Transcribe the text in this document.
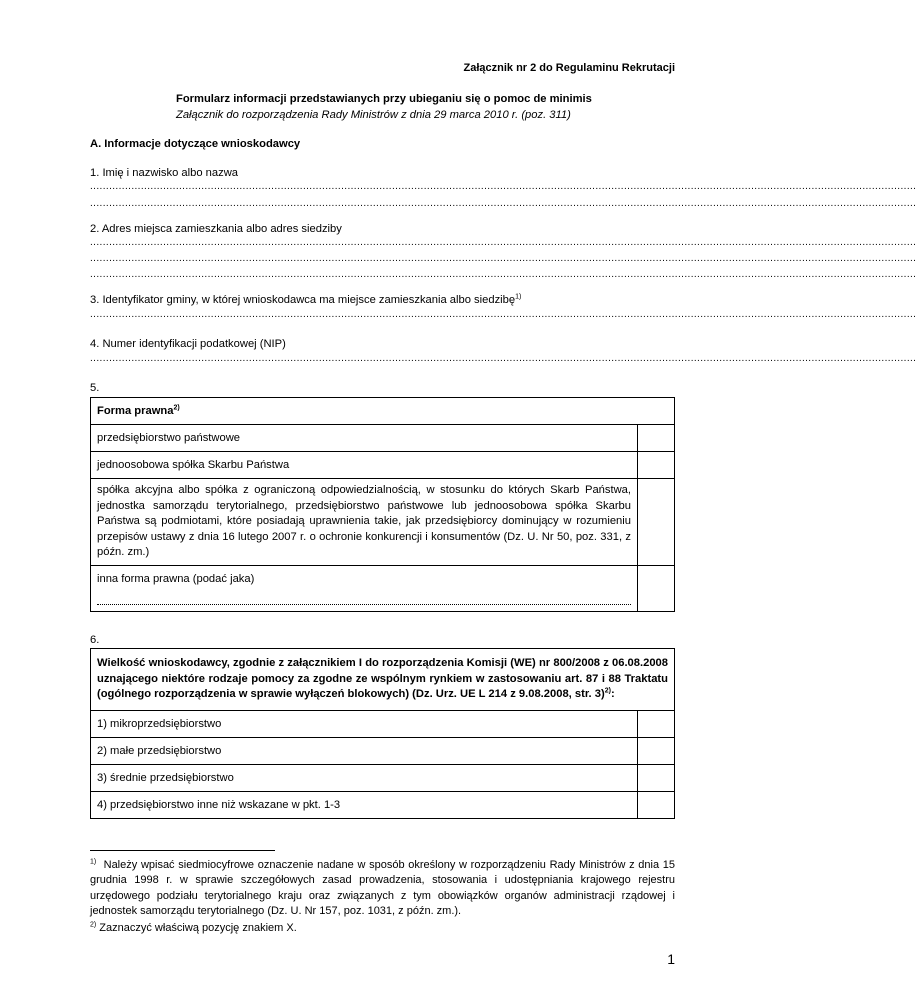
Załącznik nr 2 do Regulaminu Rekrutacji
Formularz informacji przedstawianych przy ubieganiu się o pomoc de minimis
Załącznik do rozporządzenia Rady Ministrów z dnia 29 marca 2010 r. (poz. 311)
A. Informacje dotyczące wnioskodawcy
1. Imię i nazwisko albo nazwa
....................................................................................................................................................................................................................................................................
....................................................................................................................................................................................................................................................................
2. Adres miejsca zamieszkania albo adres siedziby
....................................................................................................................................................................................................................................................................
....................................................................................................................................................................................................................................................................
....................................................................................................................................................................................................................................................................
3. Identyfikator gminy, w której wnioskodawca ma miejsce zamieszkania albo siedzibę$^{1)}$
....................................................................................................................................................................................................................................................................
4. Numer identyfikacji podatkowej (NIP)
....................................................................................................................................................................................................................................................................
5.
Forma prawna$^{2)}$
przedsiębiorstwo państwowe	
jednoosobowa spółka Skarbu Państwa	
spółka akcyjna albo spółka z ograniczoną odpowiedzialnością, w stosunku do których Skarb Państwa, jednostka samorządu terytorialnego, przedsiębiorstwo państwowe lub jednoosobowa spółka Skarbu Państwa są podmiotami, które posiadają uprawnienia takie, jak przedsiębiorcy dominujący w rozumieniu przepisów ustawy z dnia 16 lutego 2007 r. o ochronie konkurencji i konsumentów (Dz. U. Nr 50, poz. 331, z późn. zm.)	

inna forma prawna (podać jaka)	

6.
Wielkość wnioskodawcy, zgodnie z załącznikiem I do rozporządzenia Komisji (WE) nr 800/2008 z 06.08.2008 uznającego niektóre rodzaje pomocy za zgodne ze wspólnym rynkiem w zastosowaniu art. 87 i 88 Traktatu (ogólnego rozporządzenia w sprawie wyłączeń blokowych) (Dz. Urz. UE L 214 z 9.08.2008, str. 3)$^{2)}$:	
1) mikroprzedsiębiorstwo	
2) małe przedsiębiorstwo	
3) średnie przedsiębiorstwo	
4) przedsiębiorstwo inne niż wskazane w pkt. 1-3	
$^{1)}$ Należy wpisać siedmiocyfrowe oznaczenie nadane w sposób określony w rozporządzeniu Rady Ministrów z dnia 15 grudnia 1998 r. w sprawie szczegółowych zasad prowadzenia, stosowania i udostępniania krajowego rejestru urzędowego podziału terytorialnego kraju oraz związanych z tym obowiązków organów administracji rządowej i jednostek samorządu terytorialnego (Dz. U. Nr 157, poz. 1031, z późn. zm.).
$^{2)}$ Zaznaczyć właściwą pozycję znakiem X.
1
